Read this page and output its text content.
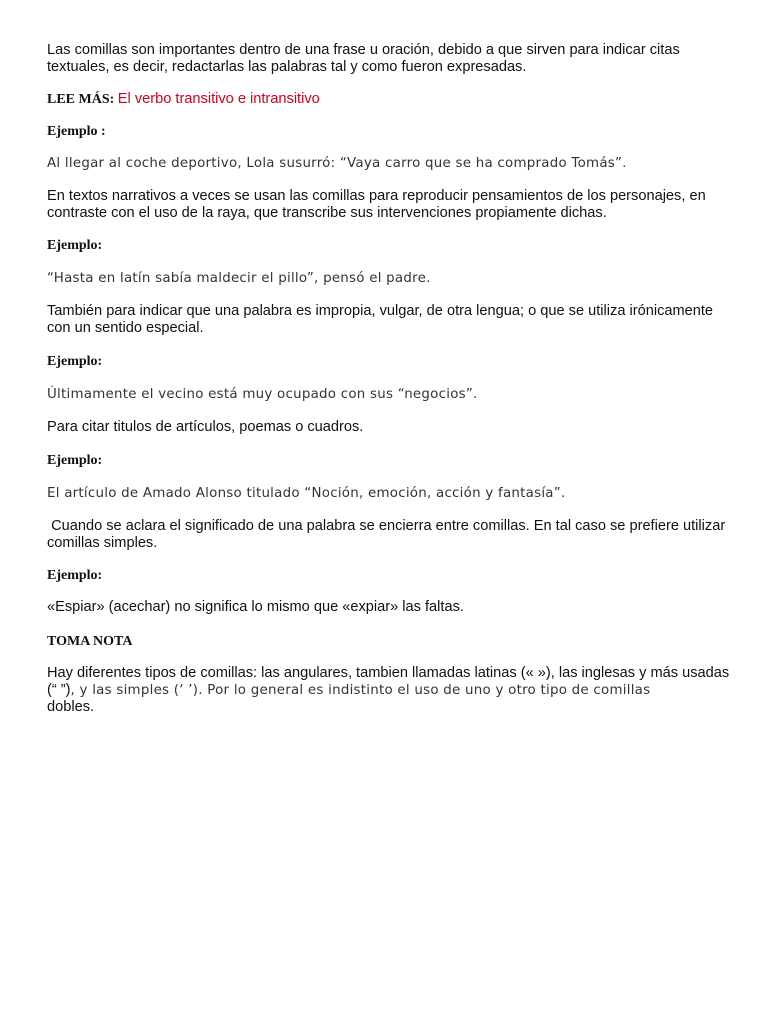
Las comillas son importantes dentro de una frase u oración, debido a que sirven para indicar citas textuales, es decir, redactarlas las palabras tal y como fueron expresadas.

LEE MÁS: El verbo transitivo e intransitivo

Ejemplo :

Al llegar al coche deportivo, Lola susurró: “Vaya carro que se ha comprado Tomás”.

En textos narrativos a veces se usan las comillas para reproducir pensamientos de los personajes, en contraste con el uso de la raya, que transcribe sus intervenciones propiamente dichas.

Ejemplo:

“Hasta en latín sabía maldecir el pillo”, pensó el padre.

También para indicar que una palabra es impropia, vulgar, de otra lengua; o que se utiliza irónicamente con un sentido especial.

Ejemplo:

Últimamente el vecino está muy ocupado con sus “negocios”.

Para citar titulos de artículos, poemas o cuadros.

Ejemplo:

El artículo de Amado Alonso titulado “Noción, emoción, acción y fantasía”.

Cuando se aclara el significado de una palabra se encierra entre comillas. En tal caso se prefiere utilizar comillas simples.

Ejemplo:

«Espiar» (acechar) no significa lo mismo que «expiar» las faltas.

TOMA NOTA

Hay diferentes tipos de comillas: las angulares, tambien llamadas latinas (« »), las inglesas y más usadas (“ ”), y las simples (‘ ’). Por lo general es indistinto el uso de uno y otro tipo de comillas
dobles.
